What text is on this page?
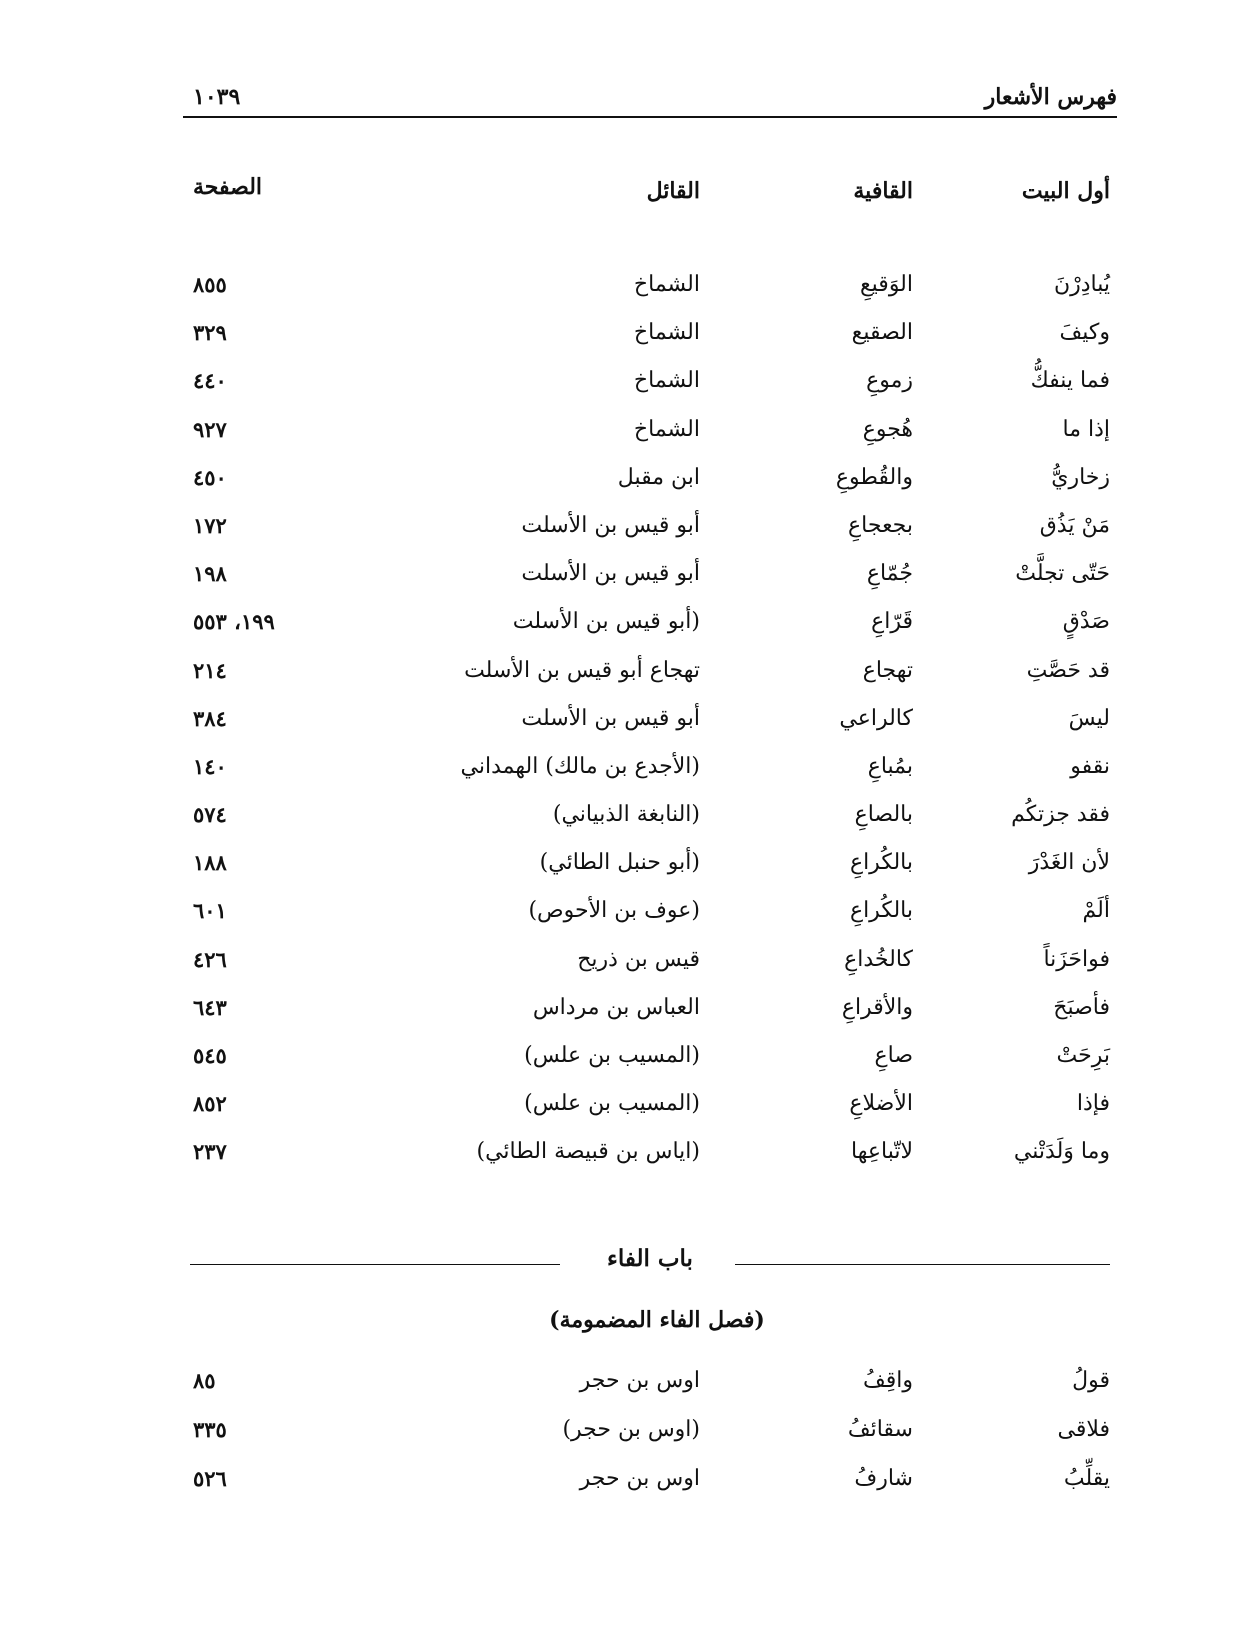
فهرس الأشعار
١٠٣٩
أول البيت
القافية
القائل
الصفحة
يُبادِرْنَ
الوَقيعِ
الشماخ
٨٥٥
وكيفَ
الصقيع
الشماخ
٣٢٩
فما ينفكُّ
زموعِ
الشماخ
٤٤٠
إذا ما
هُجوعِ
الشماخ
٩٢٧
زخاريُّ
والقُطوعِ
ابن مقبل
٤٥٠
مَنْ يَذُق
بجعجاعِ
أبو قيس بن الأسلت
١٧٢
حَتّى تجلَّتْ
جُمّاعِ
أبو قيس بن الأسلت
١٩٨
صَدْقٍ
قَرّاعِ
(أبو قيس بن الأسلت
١٩٩، ٥٥٣
قد حَصَّتِ
تهجاع
تهجاع أبو قيس بن الأسلت
٢١٤
ليسَ
كالراعي
أبو قيس بن الأسلت
٣٨٤
نقفو
بمُباعِ
(الأجدع بن مالك) الهمداني
١٤٠
فقد جزتكُم
بالصاعِ
(النابغة الذبياني)
٥٧٤
لأن الغَدْرَ
بالكُراعِ
(أبو حنبل الطائي)
١٨٨
ألَمْ
بالكُراعِ
(عوف بن الأحوص)
٦٠١
فواحَزَناً
كالخُداعِ
قيس بن ذريح
٤٢٦
فأصبَحَ
والأقراعِ
العباس بن مرداس
٦٤٣
بَرِحَتْ
صاعِ
(المسيب بن علس)
٥٤٥
فإذا
الأضلاعِ
(المسيب بن علس)
٨٥٢
وما وَلَدَتْني
لاتّباعِها
(اياس بن قبيصة الطائي)
٢٣٧
باب الفاء
(فصل الفاء المضمومة)
قولُ
واقِفُ
اوس بن حجر
٨٥
فلاقى
سقائفُ
(اوس بن حجر)
٣٣٥
يقلِّبُ
شارفُ
اوس بن حجر
٥٢٦
